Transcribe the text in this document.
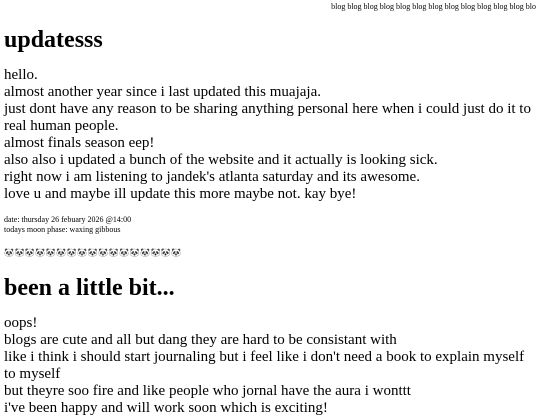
blog blog blog blog blog blog blog blog blog blog blog blog blo
updatesss
hello.
almost another year since i last updated this muajaja.
just dont have any reason to be sharing anything personal here when i could just do it to real human people.
almost finals season eep!
also also i updated a bunch of the website and it actually is looking sick.
right now i am listening to jandek's atlanta saturday and its awesome.
love u and maybe ill update this more maybe not. kay bye!
date: thursday 26 febuary 2026 @14:00
todays moon phase: waxing gibbous
🐼🐼🐼🐼🐼🐼🐼🐼🐼🐼🐼🐼🐼🐼🐼🐼🐼
been a little bit...
oops!
blogs are cute and all but dang they are hard to be consistant with
like i think i should start journaling but i feel like i don't need a book to explain myself to myself
but theyre soo fire and like people who jornal have the aura i wonttt
i've been happy and will work soon which is exciting!
